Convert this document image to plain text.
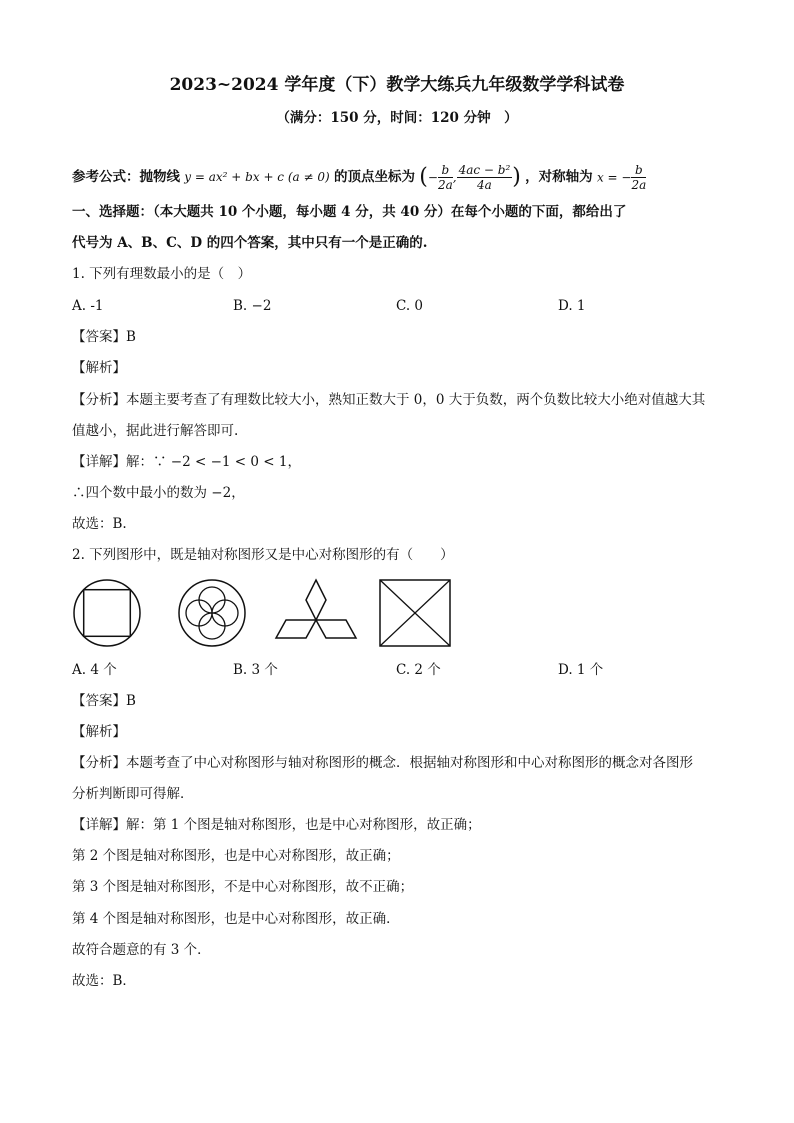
2023~2024 学年度（下）教学大练兵九年级数学学科试卷
（满分：150 分，时间：120 分钟　）
参考公式：抛物线 y = ax² + bx + c (a ≠ 0) 的顶点坐标为 (− $\frac{b}{2a}$ , $\frac{\text{4ac − b²}}{4a}$ ) ，对称轴为 x = − $\frac{b}{2a}$
一、选择题：（本大题共 10 个小题，每小题 4 分，共 40 分）在每个小题的下面，都给出了
代号为 A、B、C、D 的四个答案，其中只有一个是正确的.
1. 下列有理数最小的是（　）
A. -1	B. −2	C. 0	D. 1
【答案】B
【解析】
【分析】本题主要考查了有理数比较大小，熟知正数大于 0，0 大于负数，两个负数比较大小绝对值越大其
值越小，据此进行解答即可.
【详解】解：∵ −2 < −1 < 0 < 1，
∴四个数中最小的数为 −2，
故选：B.
2. 下列图形中，既是轴对称图形又是中心对称图形的有（　　）
A. 4 个	B. 3 个	C. 2 个	D. 1 个
【答案】B
【解析】
【分析】本题考查了中心对称图形与轴对称图形的概念．根据轴对称图形和中心对称图形的概念对各图形
分析判断即可得解．
【详解】解：第 1 个图是轴对称图形，也是中心对称图形，故正确；
第 2 个图是轴对称图形，也是中心对称图形，故正确；
第 3 个图是轴对称图形，不是中心对称图形，故不正确；
第 4 个图是轴对称图形，也是中心对称图形，故正确．
故符合题意的有 3 个．
故选：B．
